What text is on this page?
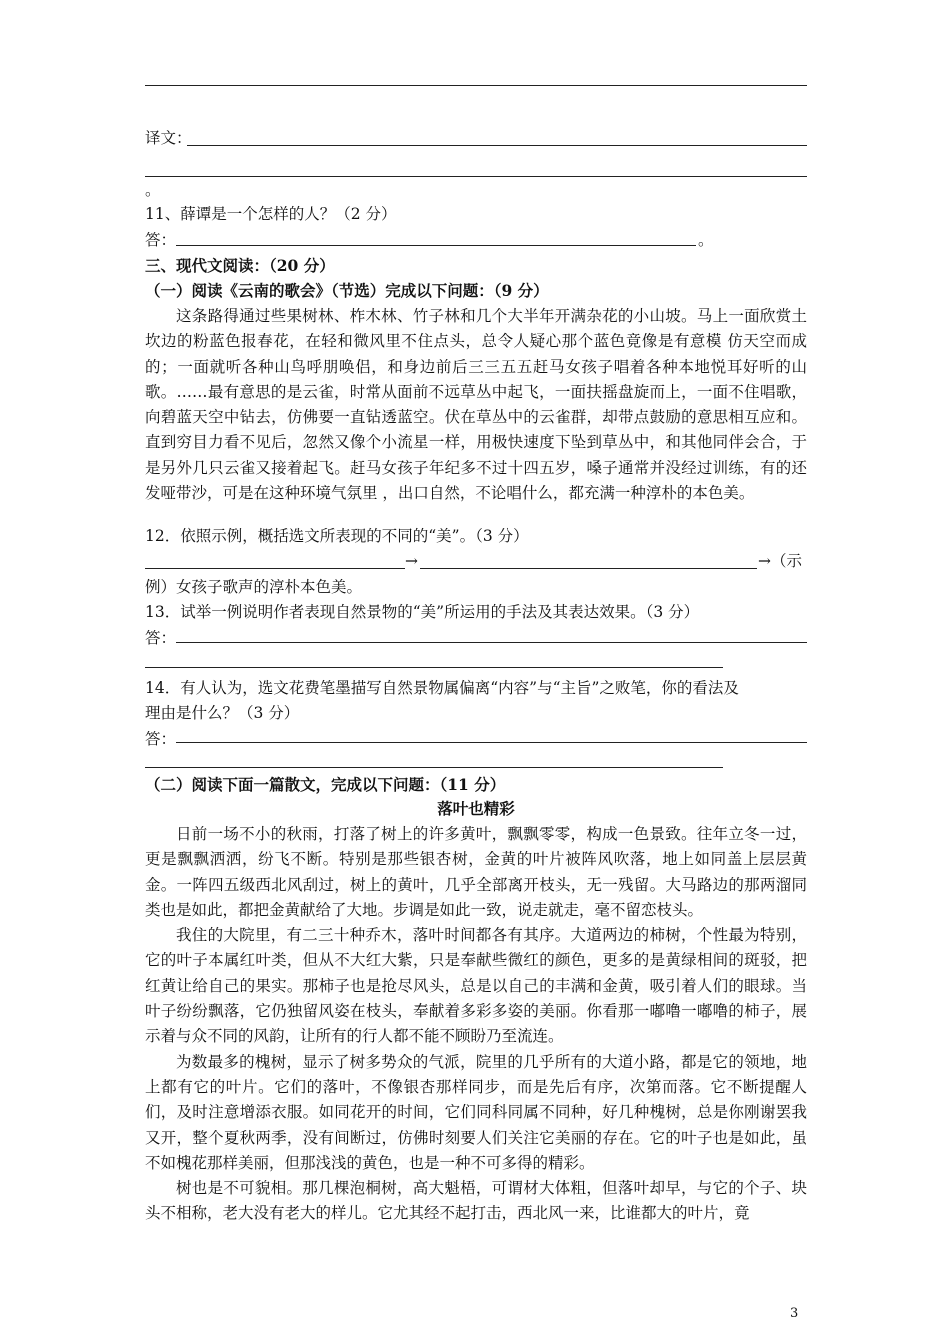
译文：
。
11、薛谭是一个怎样的人？（2 分）
答：	。
三、现代文阅读：（20 分）
（一）阅读《云南的歌会》（节选）完成以下问题：（9 分）

这条路得通过些果树林、柞木林、竹子林和几个大半年开满杂花的小山坡。马上一面欣赏土坎边的粉蓝色报春花，在轻和微风里不住点头，总令人疑心那个蓝色竟像是有意模 仿天空而成的；一面就听各种山鸟呼朋唤侣，和身边前后三三五五赶马女孩子唱着各种本地悦耳好听的山歌。……最有意思的是云雀，时常从面前不远草丛中起飞，一面扶摇盘旋而上，一面不住唱歌，向碧蓝天空中钻去，仿佛要一直钻透蓝空。伏在草丛中的云雀群，却带点鼓励的意思相互应和。直到穷目力看不见后，忽然又像个小流星一样，用极快速度下坠到草丛中，和其他同伴会合，于是另外几只云雀又接着起飞。赶马女孩子年纪多不过十四五岁，嗓子通常并没经过训练，有的还发哑带沙，可是在这种环境气氛里 ，出口自然，不论唱什么，都充满一种淳朴的本色美。

12．依照示例，概括选文所表现的不同的“美”。（3 分）
→	→（示
例）女孩子歌声的淳朴本色美。
13．试举一例说明作者表现自然景物的“美”所运用的手法及其表达效果。（3 分）
答：
14．有人认为，选文花费笔墨描写自然景物属偏离“内容”与“主旨”之败笔，你的看法及
理由是什么？（3 分）
答：
（二）阅读下面一篇散文，完成以下问题：（11 分）
落叶也精彩

日前一场不小的秋雨，打落了树上的许多黄叶，飘飘零零，构成一色景致。往年立冬一过，更是飘飘洒洒，纷飞不断。特别是那些银杏树，金黄的叶片被阵风吹落，地上如同盖上层层黄金。一阵四五级西北风刮过，树上的黄叶，几乎全部离开枝头，无一残留。大马路边的那两溜同类也是如此，都把金黄献给了大地。步调是如此一致，说走就走，毫不留恋枝头。

我住的大院里，有二三十种乔木，落叶时间都各有其序。大道两边的柿树，个性最为特别，它的叶子本属红叶类，但从不大红大紫，只是奉献些微红的颜色，更多的是黄绿相间的斑驳，把红黄让给自己的果实。那柿子也是抢尽风头，总是以自己的丰满和金黄，吸引着人们的眼球。当叶子纷纷飘落，它仍独留风姿在枝头，奉献着多彩多姿的美丽。你看那一嘟噜一嘟噜的柿子，展示着与众不同的风韵，让所有的行人都不能不顾盼乃至流连。

为数最多的槐树，显示了树多势众的气派，院里的几乎所有的大道小路，都是它的领地，地上都有它的叶片。它们的落叶，不像银杏那样同步，而是先后有序，次第而落。它不断提醒人们，及时注意增添衣服。如同花开的时间，它们同科同属不同种，好几种槐树，总是你刚谢罢我又开，整个夏秋两季，没有间断过，仿佛时刻要人们关注它美丽的存在。它的叶子也是如此，虽不如槐花那样美丽，但那浅浅的黄色，也是一种不可多得的精彩。

树也是不可貌相。那几棵泡桐树，高大魁梧，可谓材大体粗，但落叶却早，与它的个子、块头不相称，老大没有老大的样儿。它尤其经不起打击，西北风一来，比谁都大的叶片，竟

3
